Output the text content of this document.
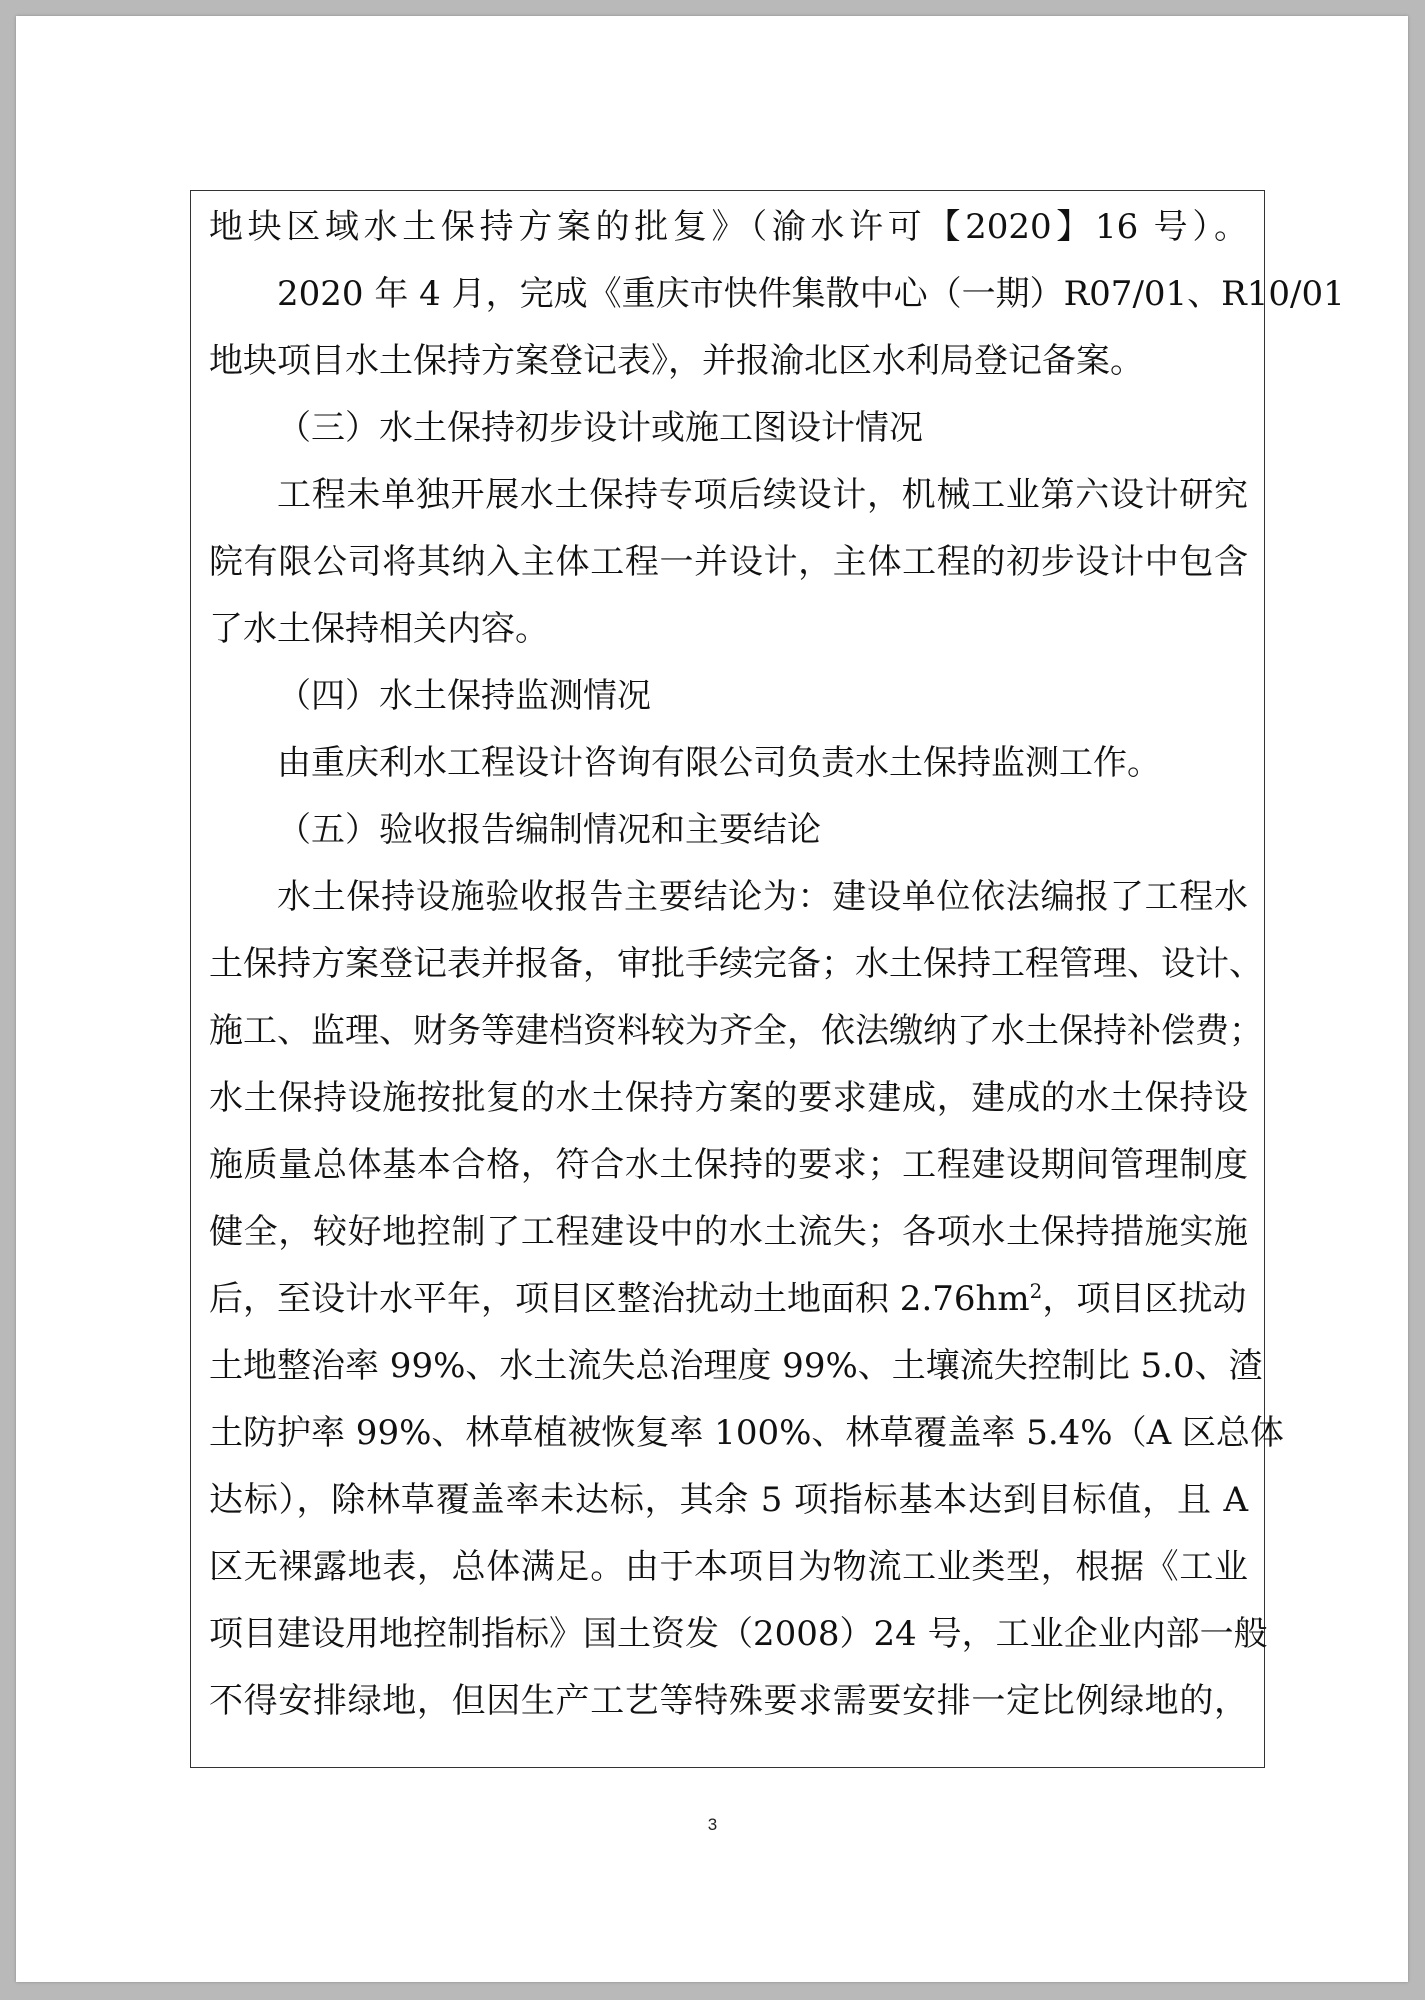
地块区域水土保持方案的批复》（渝水许可【2020】16 号）。
2020 年 4 月，完成《重庆市快件集散中心（一期）R07/01、R10/01
地块项目水土保持方案登记表》，并报渝北区水利局登记备案。
（三）水土保持初步设计或施工图设计情况
工程未单独开展水土保持专项后续设计，机械工业第六设计研究
院有限公司将其纳入主体工程一并设计，主体工程的初步设计中包含
了水土保持相关内容。
（四）水土保持监测情况
由重庆利水工程设计咨询有限公司负责水土保持监测工作。
（五）验收报告编制情况和主要结论
水土保持设施验收报告主要结论为：建设单位依法编报了工程水
土保持方案登记表并报备，审批手续完备；水土保持工程管理、设计、
施工、监理、财务等建档资料较为齐全，依法缴纳了水土保持补偿费；
水土保持设施按批复的水土保持方案的要求建成，建成的水土保持设
施质量总体基本合格，符合水土保持的要求；工程建设期间管理制度
健全，较好地控制了工程建设中的水土流失；各项水土保持措施实施
后，至设计水平年，项目区整治扰动土地面积 $2.76hm^2$，项目区扰动
土地整治率 99%、水土流失总治理度 99%、土壤流失控制比 5.0、渣
土防护率 99%、林草植被恢复率 100%、林草覆盖率 5.4%（A 区总体
达标），除林草覆盖率未达标，其余 5 项指标基本达到目标值，且 A
区无裸露地表，总体满足。由于本项目为物流工业类型，根据《工业
项目建设用地控制指标》国土资发（2008）24 号，工业企业内部一般
不得安排绿地，但因生产工艺等特殊要求需要安排一定比例绿地的，
3
